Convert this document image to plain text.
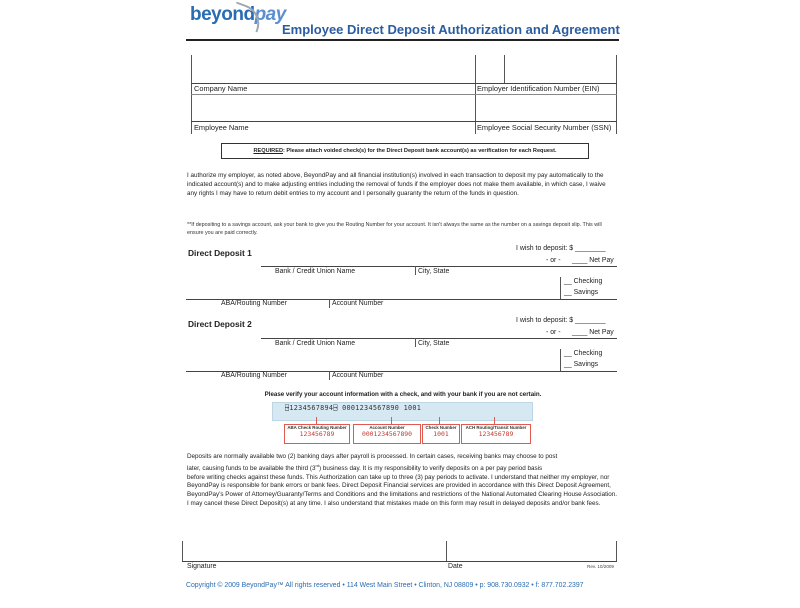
beyondpay
Employee Direct Deposit Authorization and Agreement
Company Name	Employer Identification Number (EIN)
Employee Name	Employee Social Security Number (SSN)
REQUIRED: Please attach voided check(s) for the Direct Deposit bank account(s) as verification for each Request.
I authorize my employer, as noted above, BeyondPay and all financial institution(s) involved in each transaction to deposit my pay automatically to the indicated account(s) and to make adjusting entries including the removal of funds if the employer does not make them available, in which case, I waive any rights I may have to return debit entries to my account and I personally guaranty the return of the funds in question.
**If depositing to a savings account, ask your bank to give you the Routing Number for your account. It isn't always the same as the number on a savings deposit slip. This will ensure you are paid correctly.
Direct Deposit 1	I wish to deposit: $ ________
- or - ____ Net Pay
Bank / Credit Union Name	City, State
__ Checking
__ Savings
ABA/Routing Number	Account Number
Direct Deposit 2	I wish to deposit: $ ________
- or - ____ Net Pay
Bank / Credit Union Name	City, State
__ Checking
__ Savings
ABA/Routing Number	Account Number
Please verify your account information with a check, and with your bank if you are not certain.
⍈1234567894⍈ 0001234567890 1001
ABA Check Routing Number
123456789
Account Number
0001234567890
Check Number
1001
ACH Routing/Transit Number
123456789
Deposits are normally available two (2) banking days after payroll is processed. In certain cases, receiving banks may choose to post
later, causing funds to be available the third (3rd) business day. It is my responsibility to verify deposits on a per pay period basis
before writing checks against these funds. This Authorization can take up to three (3) pay periods to activate. I understand that neither my employer, nor BeyondPay is responsible for bank errors or bank fees. Direct Deposit Financial services are provided in accordance with this Direct Deposit Agreement, BeyondPay's Power of Attorney/Guaranty/Terms and Conditions and the limitations and restrictions of the National Automated Clearing House Association. I may cancel these Direct Deposit(s) at any time. I also understand that mistakes made on this form may result in delayed deposits and/or bank fees.
Signature	Date	Rev. 10/2009
Copyright © 2009 BeyondPay™ All rights reserved • 114 West Main Street • Clinton, NJ 08809 • p: 908.730.0932 • f: 877.702.2397
